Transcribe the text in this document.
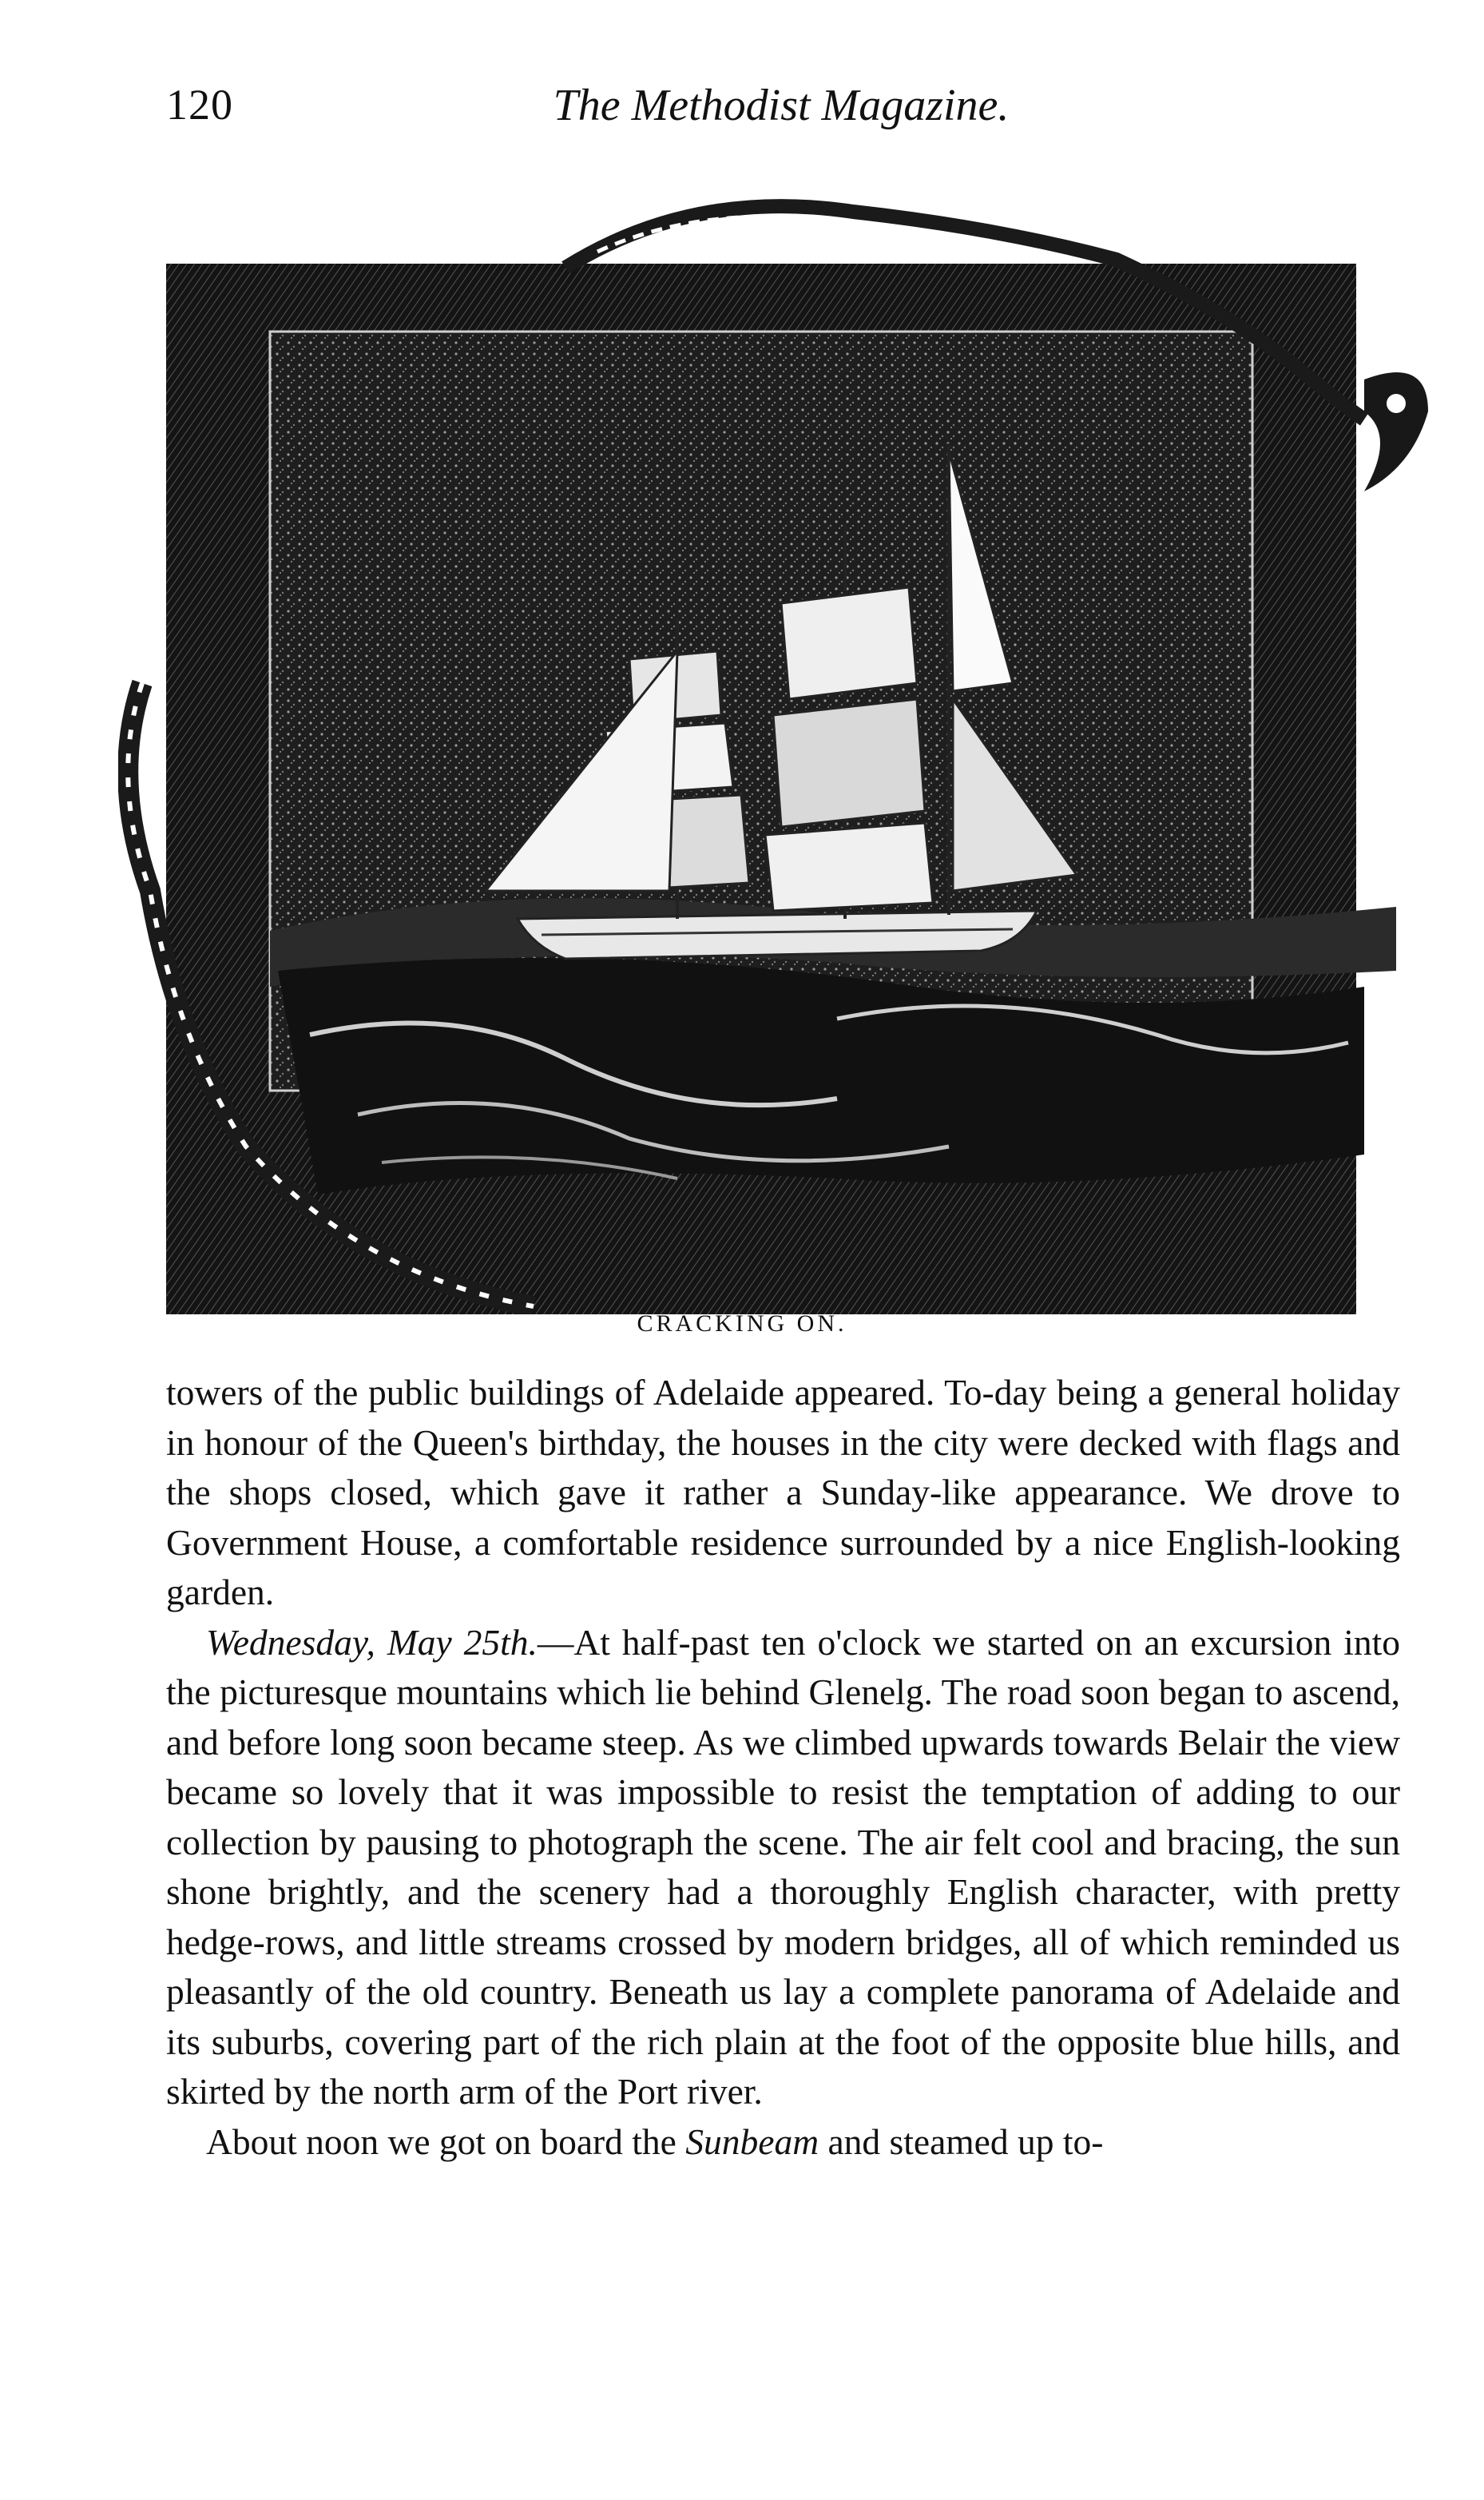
120	The Methodist Magazine.
CRACKING ON.

towers of the public buildings of Adelaide appeared. To-day being a general holiday in honour of the Queen's birthday, the houses in the city were decked with flags and the shops closed, which gave it rather a Sunday-like appearance. We drove to Government House, a comfortable residence surrounded by a nice English-looking garden.

Wednesday, May 25th.—At half-past ten o'clock we started on an excursion into the picturesque mountains which lie behind Glenelg. The road soon began to ascend, and before long soon became steep. As we climbed upwards towards Belair the view became so lovely that it was impossible to resist the temptation of adding to our collection by pausing to photograph the scene. The air felt cool and bracing, the sun shone brightly, and the scenery had a thoroughly English character, with pretty hedge-rows, and little streams crossed by modern bridges, all of which reminded us pleasantly of the old country. Beneath us lay a complete panorama of Adelaide and its suburbs, covering part of the rich plain at the foot of the opposite blue hills, and skirted by the north arm of the Port river.

About noon we got on board the Sunbeam and steamed up to-
